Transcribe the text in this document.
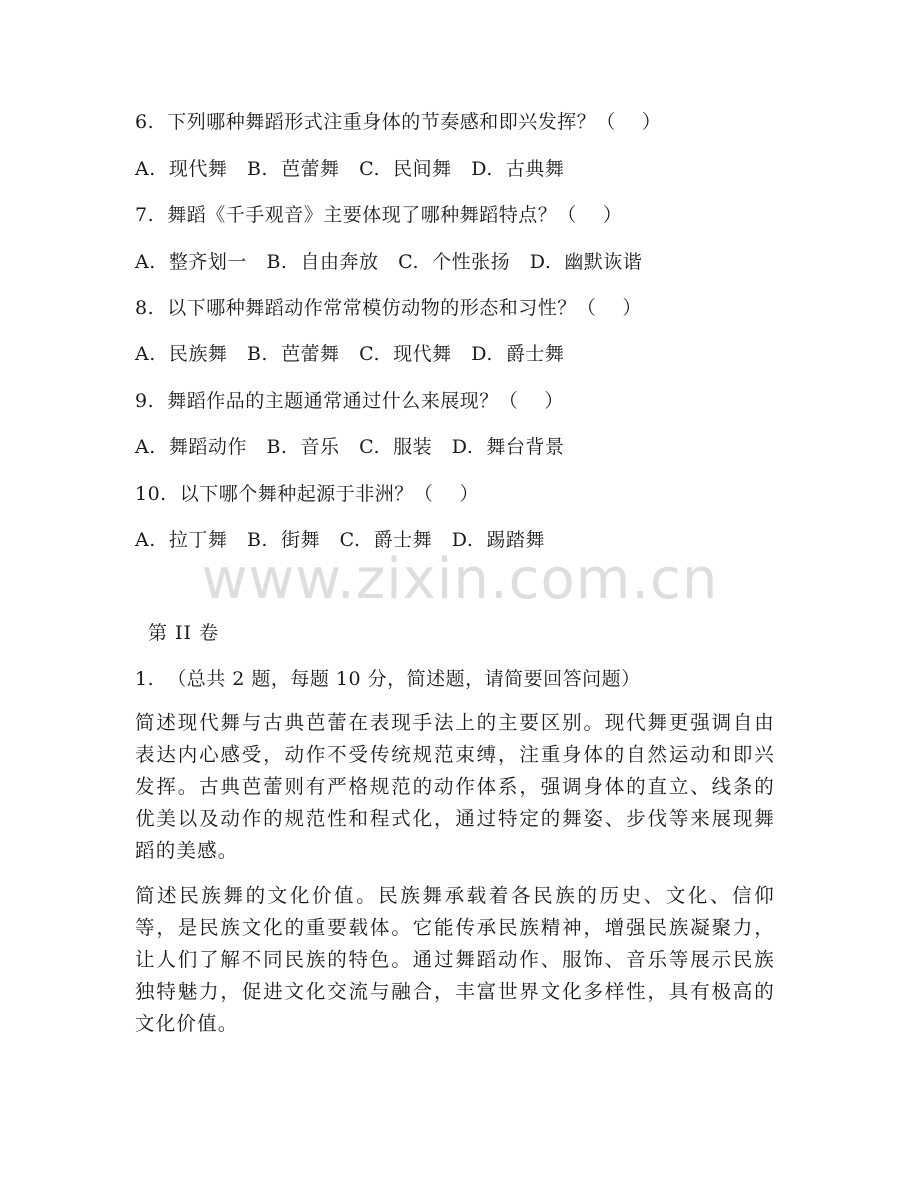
6.  下列哪种舞蹈形式注重身体的节奏感和即兴发挥？（    ）
A.  现代舞   B.  芭蕾舞   C.  民间舞   D.  古典舞
7.  舞蹈《千手观音》主要体现了哪种舞蹈特点？（    ）
A.  整齐划一   B.  自由奔放   C.  个性张扬   D.  幽默诙谐
8.  以下哪种舞蹈动作常常模仿动物的形态和习性？（    ）
A.  民族舞   B.  芭蕾舞   C.  现代舞   D.  爵士舞
9.  舞蹈作品的主题通常通过什么来展现？（    ）
A.  舞蹈动作   B.  音乐   C.  服装   D.  舞台背景
10.  以下哪个舞种起源于非洲？（    ）
A.  拉丁舞   B.  街舞   C.  爵士舞   D.  踢踏舞
www.zixin.com.cn
第 II 卷
1.  （总共 2 题，每题 10 分，简述题，请简要回答问题）
简述现代舞与古典芭蕾在表现手法上的主要区别。现代舞更强调自由表达内心感受，动作不受传统规范束缚，注重身体的自然运动和即兴发挥。古典芭蕾则有严格规范的动作体系，强调身体的直立、线条的优美以及动作的规范性和程式化，通过特定的舞姿、步伐等来展现舞蹈的美感。
简述民族舞的文化价值。民族舞承载着各民族的历史、文化、信仰等，是民族文化的重要载体。它能传承民族精神，增强民族凝聚力，让人们了解不同民族的特色。通过舞蹈动作、服饰、音乐等展示民族独特魅力，促进文化交流与融合，丰富世界文化多样性，具有极高的文化价值。
